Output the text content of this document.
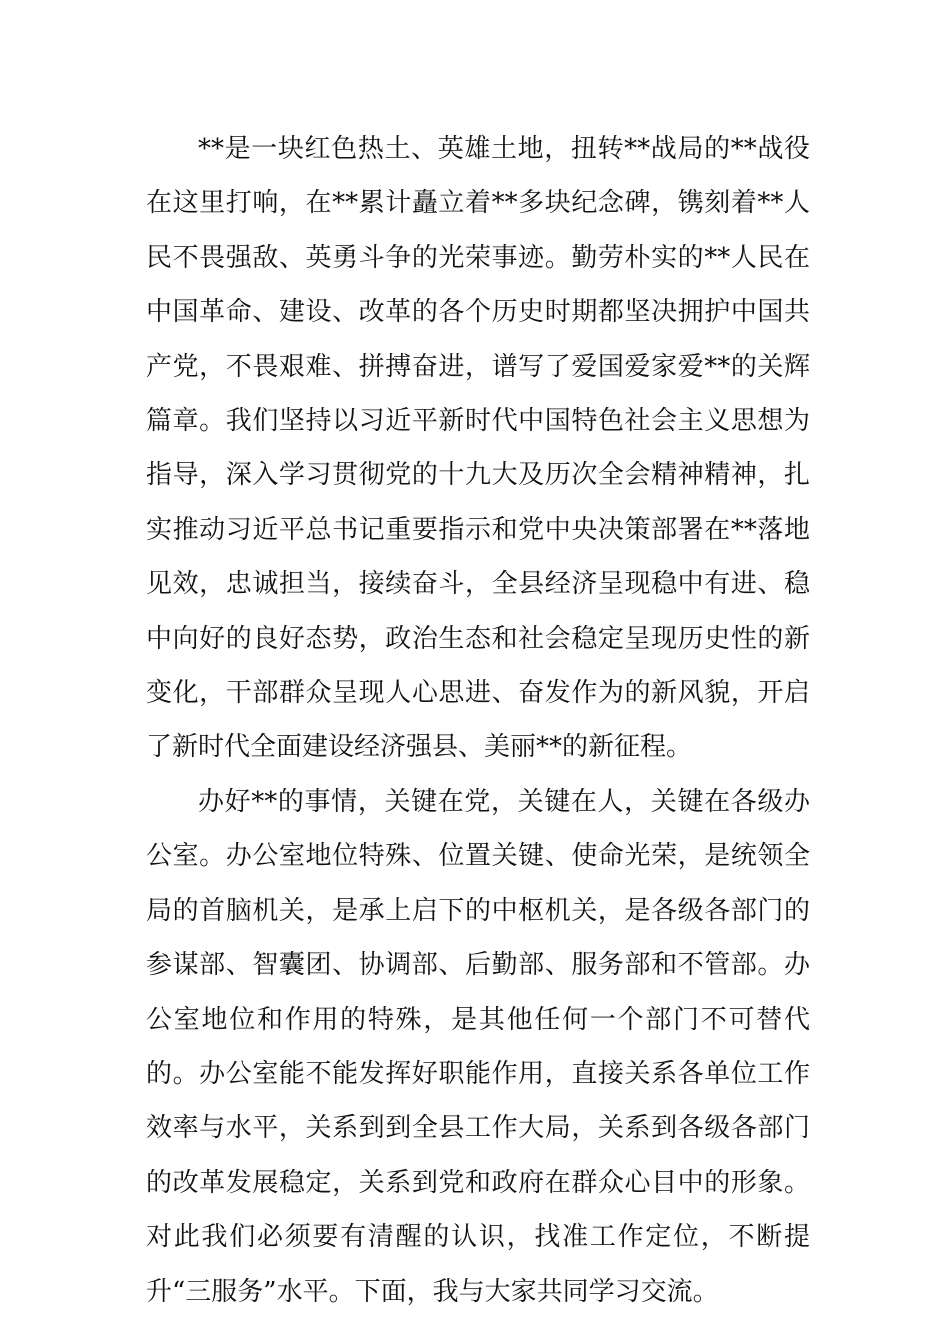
**是一块红色热土、英雄土地，扭转**战局的**战役在这里打响，在**累计矗立着**多块纪念碑，镌刻着**人民不畏强敌、英勇斗争的光荣事迹。勤劳朴实的**人民在中国革命、建设、改革的各个历史时期都坚决拥护中国共产党，不畏艰难、拼搏奋进，谱写了爱国爱家爱**的关辉篇章。我们坚持以习近平新时代中国特色社会主义思想为指导，深入学习贯彻党的十九大及历次全会精神精神，扎实推动习近平总书记重要指示和党中央决策部署在**落地见效，忠诚担当，接续奋斗，全县经济呈现稳中有进、稳中向好的良好态势，政治生态和社会稳定呈现历史性的新变化，干部群众呈现人心思进、奋发作为的新风貌，开启了新时代全面建设经济强县、美丽**的新征程。

办好**的事情，关键在党，关键在人，关键在各级办公室。办公室地位特殊、位置关键、使命光荣，是统领全局的首脑机关，是承上启下的中枢机关，是各级各部门的参谋部、智囊团、协调部、后勤部、服务部和不管部。办公室地位和作用的特殊，是其他任何一个部门不可替代的。办公室能不能发挥好职能作用，直接关系各单位工作效率与水平，关系到到全县工作大局，关系到各级各部门的改革发展稳定，关系到党和政府在群众心目中的形象。对此我们必须要有清醒的认识，找准工作定位，不断提升“三服务”水平。下面，我与大家共同学习交流。
